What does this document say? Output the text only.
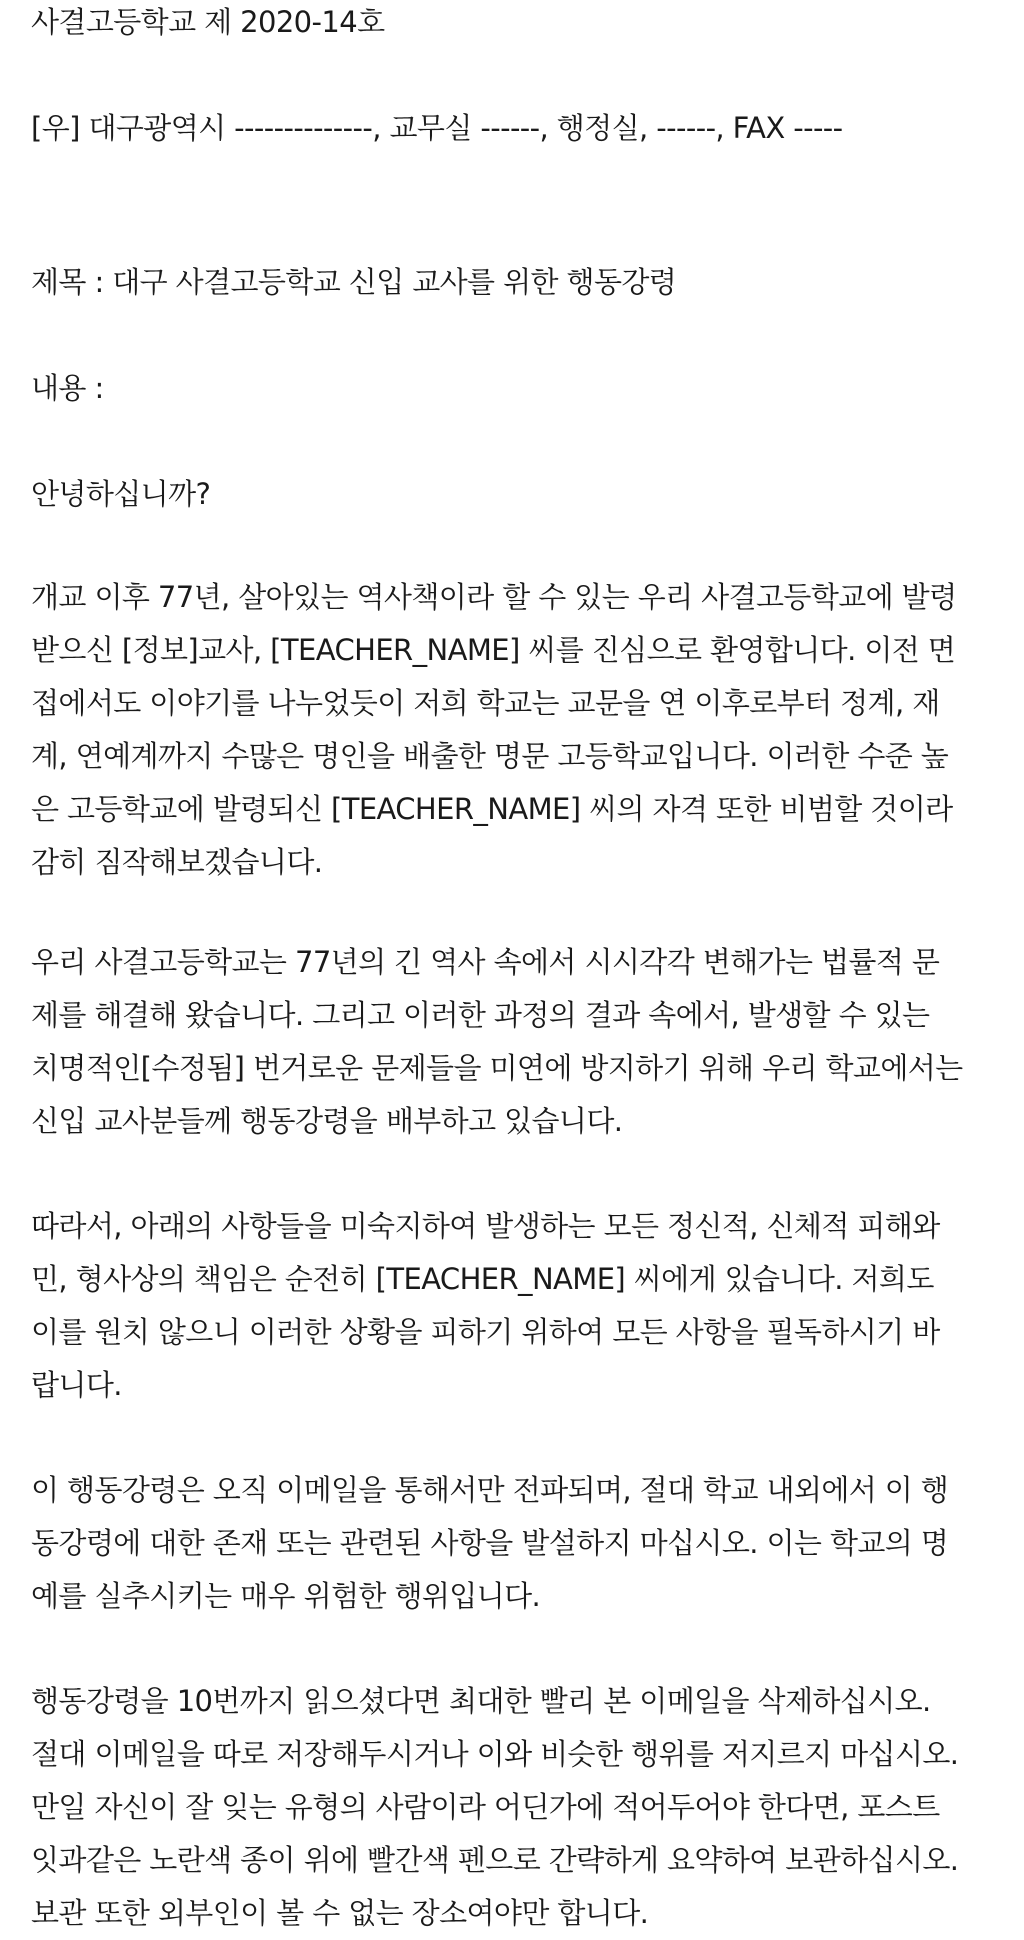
사결고등학교 제 2020-14호
[우] 대구광역시 --------------, 교무실 ------, 행정실, ------, FAX -----
제목 : 대구 사결고등학교 신입 교사를 위한 행동강령
내용 :
안녕하십니까?
개교 이후 77년, 살아있는 역사책이라 할 수 있는 우리 사결고등학교에 발령
받으신 [정보]교사, [TEACHER_NAME] 씨를 진심으로 환영합니다. 이전 면
접에서도 이야기를 나누었듯이 저희 학교는 교문을 연 이후로부터 정계, 재
계, 연예계까지 수많은 명인을 배출한 명문 고등학교입니다. 이러한 수준 높
은 고등학교에 발령되신 [TEACHER_NAME] 씨의 자격 또한 비범할 것이라
감히 짐작해보겠습니다.
우리 사결고등학교는 77년의 긴 역사 속에서 시시각각 변해가는 법률적 문
제를 해결해 왔습니다. 그리고 이러한 과정의 결과 속에서, 발생할 수 있는
치명적인[수정됨] 번거로운 문제들을 미연에 방지하기 위해 우리 학교에서는
신입 교사분들께 행동강령을 배부하고 있습니다.
따라서, 아래의 사항들을 미숙지하여 발생하는 모든 정신적, 신체적 피해와
민, 형사상의 책임은 순전히 [TEACHER_NAME] 씨에게 있습니다. 저희도
이를 원치 않으니 이러한 상황을 피하기 위하여 모든 사항을 필독하시기 바
랍니다.
이 행동강령은 오직 이메일을 통해서만 전파되며, 절대 학교 내외에서 이 행
동강령에 대한 존재 또는 관련된 사항을 발설하지 마십시오. 이는 학교의 명
예를 실추시키는 매우 위험한 행위입니다.
행동강령을 10번까지 읽으셨다면 최대한 빨리 본 이메일을 삭제하십시오.
절대 이메일을 따로 저장해두시거나 이와 비슷한 행위를 저지르지 마십시오.
만일 자신이 잘 잊는 유형의 사람이라 어딘가에 적어두어야 한다면, 포스트
잇과같은 노란색 종이 위에 빨간색 펜으로 간략하게 요약하여 보관하십시오.
보관 또한 외부인이 볼 수 없는 장소여야만 합니다.
